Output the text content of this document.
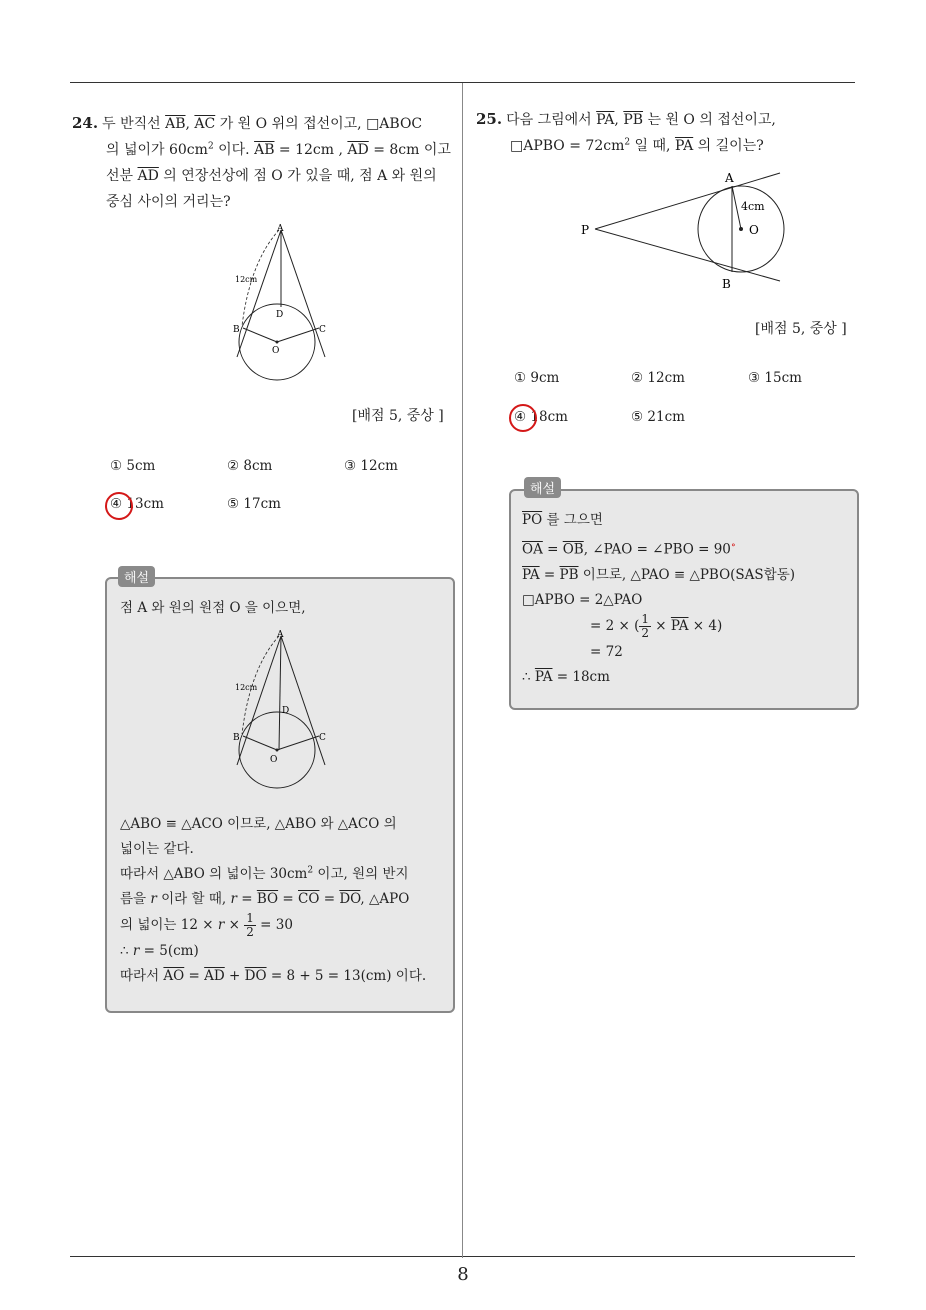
8
24. 두 반직선 $\overline{AB}$, $\overline{AC}$ 가 원 O 위의 접선이고, □ABOC
의 넓이가 $60cm^2$ 이다. $\overline{AB} = 12cm$ , $\overline{AD} = 8cm$ 이고
선분 $\overline{AD}$ 의 연장선상에 점 O 가 있을 때, 점 A 와 원의
중심 사이의 거리는?
A
B	C
D
O
12cm
[배점 5, 중상 ]
① 5cm	② 8cm	③ 12cm
④ 13cm	⑤ 17cm
해설
점 A 와 원의 원점 O 을 이으면,
A
B	C
D
O
12cm
△ABO ≡ △ACO 이므로, △ABO 와 △ACO 의
넓이는 같다.
따라서 △ABO 의 넓이는 $30cm^2$ 이고, 원의 반지
름을 r 이라 할 때, $r = \overline{BO} = \overline{CO} = \overline{DO}$, △APO
의 넓이는 $12 \times r \times \frac{1}{2} = 30$
∴ r = 5(cm)
따라서 $\overline{AO} = \overline{AD} + \overline{DO} = 8 + 5 = 13(cm)$ 이다.
25. 다음 그림에서 $\overline{PA}$, $\overline{PB}$ 는 원 O 의 접선이고,
□APBO = $72cm^2$ 일 때, $\overline{PA}$ 의 길이는?
P
A
B
O
4cm
[배점 5, 중상 ]
① 9cm	② 12cm	③ 15cm
④ 18cm	⑤ 21cm
해설
$\overline{PO}$ 를 그으면
$\overline{OA} = \overline{OB}$, ∠PAO = ∠PBO = 90∘
$\overline{PA} = \overline{PB}$ 이므로, △PAO ≡ △PBO(SAS합동)
□APBO = 2△PAO
= 2 × ( $\frac{1}{2} \times \overline{PA} \times 4$)
= 72
∴ $\overline{PA} = 18cm$
